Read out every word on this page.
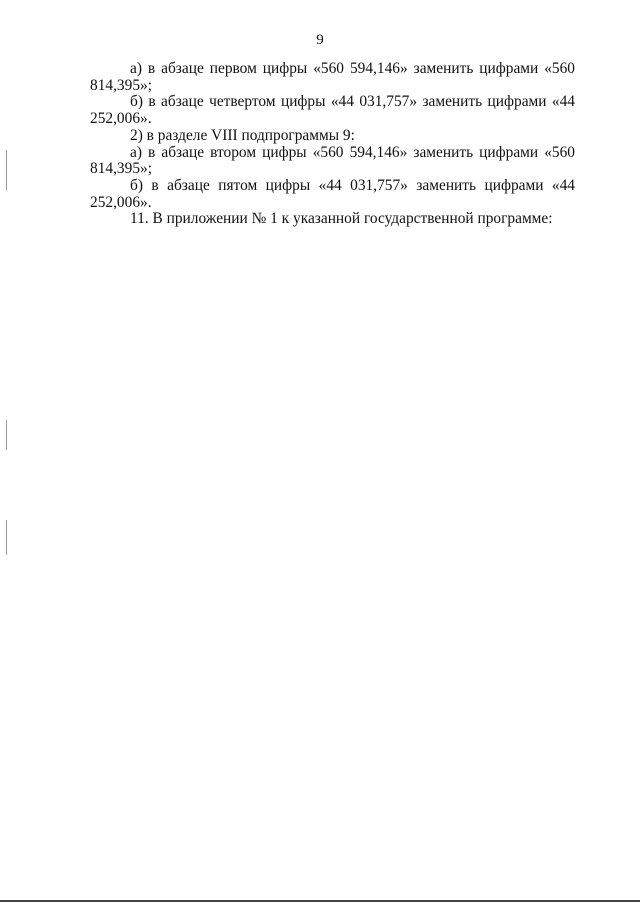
9

а) в абзаце первом цифры «560 594,146» заменить цифрами «560 814,395»;

б) в абзаце четвертом цифры «44 031,757» заменить цифрами «44 252,006».

2) в разделе VIII подпрограммы 9:

а) в абзаце втором цифры «560 594,146» заменить цифрами «560 814,395»;

б) в абзаце пятом цифры «44 031,757» заменить цифрами «44 252,006».

11. В приложении № 1 к указанной государственной программе:
